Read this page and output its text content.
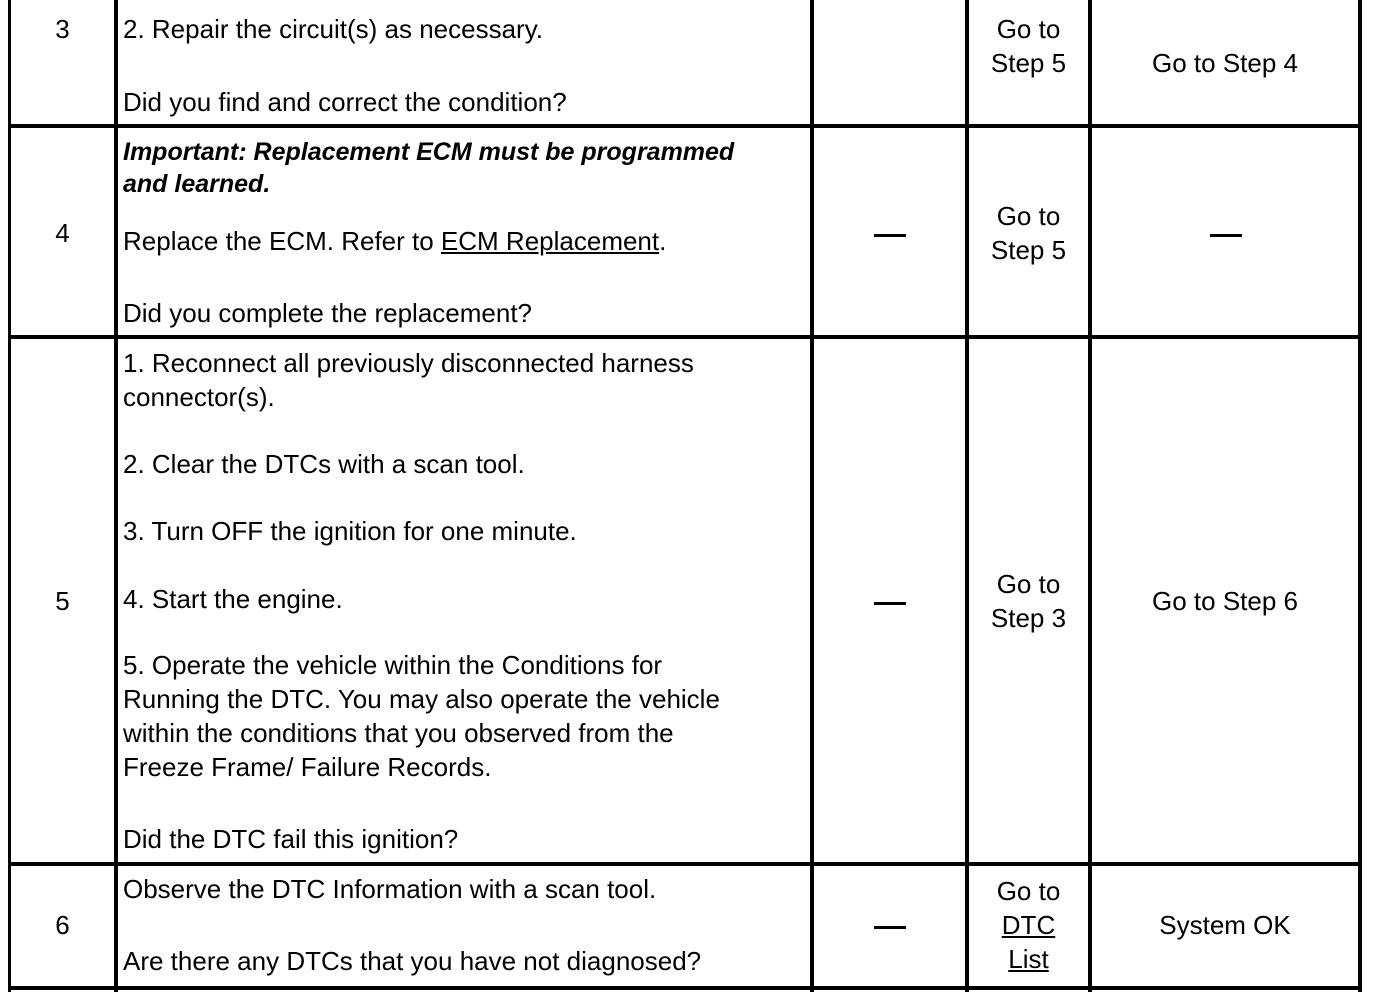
3	2. Repair the circuit(s) as necessary.
Did you find and correct the condition?
Go to
Step 5	Go to Step 4
4
Important: Replacement ECM must be programmed
and learned.
Replace the ECM. Refer to ECM Replacement.
Did you complete the replacement?
Go to
Step 5
5
1. Reconnect all previously disconnected harness
connector(s).
2. Clear the DTCs with a scan tool.
3. Turn OFF the ignition for one minute.
4. Start the engine.
5. Operate the vehicle within the Conditions for
Running the DTC. You may also operate the vehicle
within the conditions that you observed from the
Freeze Frame/ Failure Records.
Did the DTC fail this ignition?
Go to
Step 3
Go to Step 6
6
Observe the DTC Information with a scan tool.
Are there any DTCs that you have not diagnosed?
Go to
DTC
List
System OK
